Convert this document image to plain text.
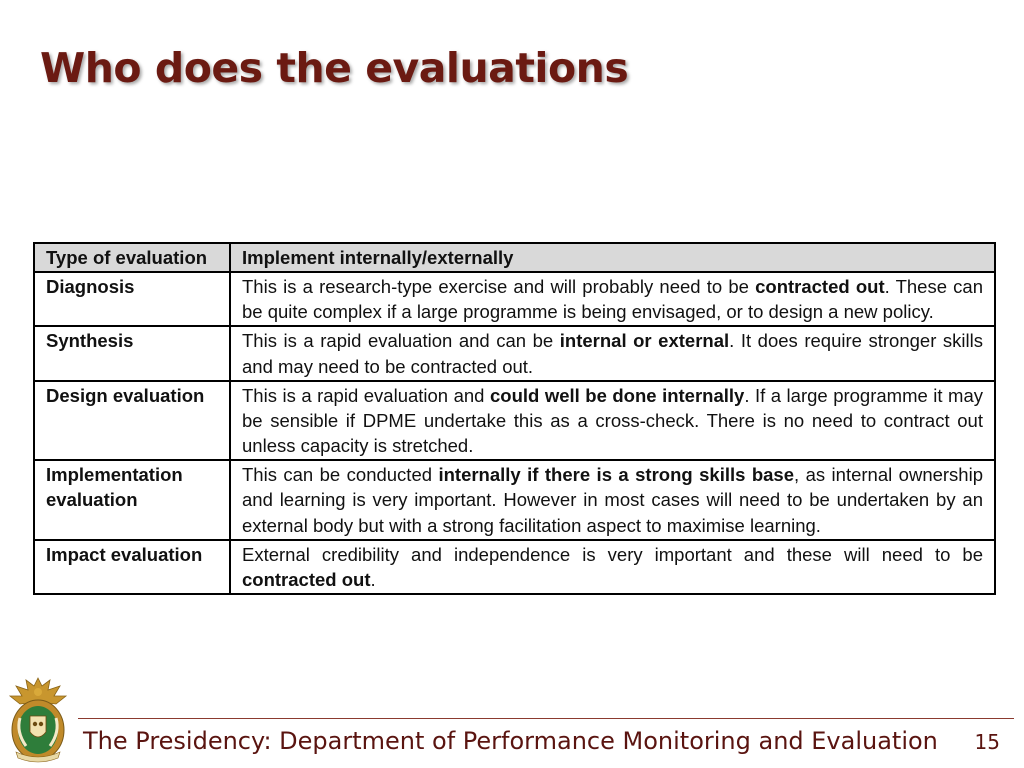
Who does the evaluations
Type of evaluation	Implement internally/externally
Diagnosis	This is a research-type exercise and will probably need to be contracted out. These can be quite complex if a large programme is being envisaged, or to design a new policy.
Synthesis	This is a rapid evaluation and can be internal or external. It does require stronger skills and may need to be contracted out.
Design evaluation	This is a rapid evaluation and could well be done internally. If a large programme it may be sensible if DPME undertake this as a cross-check. There is no need to contract out unless capacity is stretched.
Implementation evaluation	This can be conducted internally if there is a strong skills base, as internal ownership and learning is very important. However in most cases will need to be undertaken by an external body but with a strong facilitation aspect to maximise learning.
Impact evaluation	External credibility and independence is very important and these will need to be contracted out.
The Presidency: Department of Performance Monitoring and Evaluation 15
